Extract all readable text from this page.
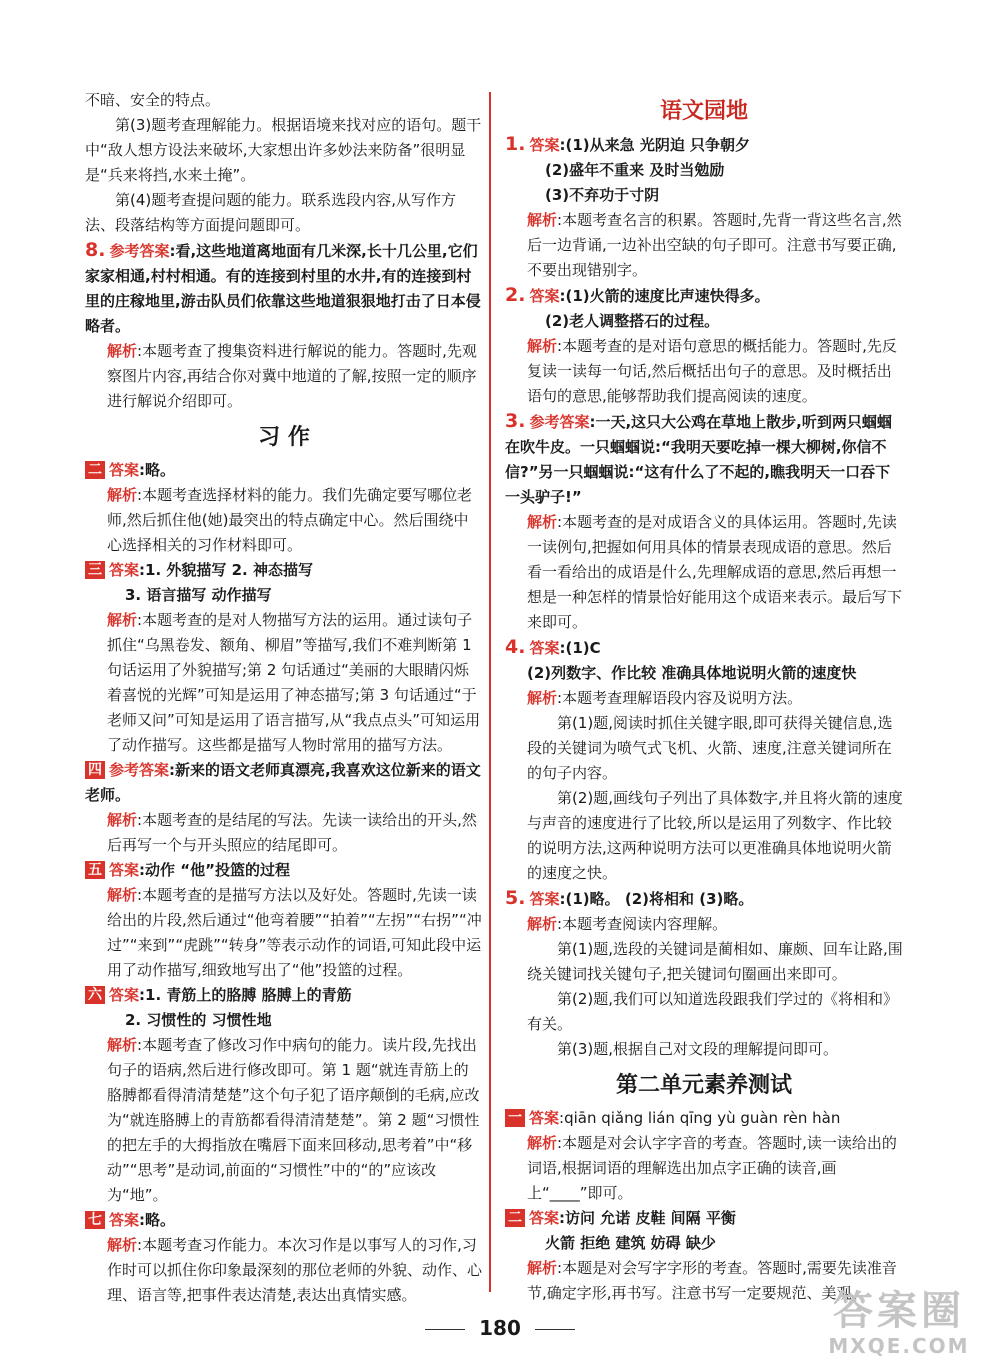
不暗、安全的特点。

第(3)题考查理解能力。根据语境来找对应的语句。题干中“敌人想方设法来破坏,大家想出许多妙法来防备”很明显是“兵来将挡,水来土掩”。

第(4)题考查提问题的能力。联系选段内容,从写作方法、段落结构等方面提问题即可。

8. 参考答案:看,这些地道离地面有几米深,长十几公里,它们家家相通,村村相通。有的连接到村里的水井,有的连接到村里的庄稼地里,游击队员们依靠这些地道狠狠地打击了日本侵略者。

解析:本题考查了搜集资料进行解说的能力。答题时,先观察图片内容,再结合你对冀中地道的了解,按照一定的顺序进行解说介绍即可。

习 作

二 答案:略。

解析:本题考查选择材料的能力。我们先确定要写哪位老师,然后抓住他(她)最突出的特点确定中心。然后围绕中心选择相关的习作材料即可。

三 答案:1. 外貌描写 2. 神态描写

3. 语言描写 动作描写

解析:本题考查的是对人物描写方法的运用。通过读句子抓住“乌黑卷发、额角、柳眉”等描写,我们不难判断第 1 句话运用了外貌描写;第 2 句话通过“美丽的大眼睛闪烁着喜悦的光辉”可知是运用了神态描写;第 3 句话通过“于老师又问”可知是运用了语言描写,从“我点点头”可知运用了动作描写。这些都是描写人物时常用的描写方法。

四 参考答案:新来的语文老师真漂亮,我喜欢这位新来的语文老师。

解析:本题考查的是结尾的写法。先读一读给出的开头,然后再写一个与开头照应的结尾即可。

五 答案:动作 “他”投篮的过程

解析:本题考查的是描写方法以及好处。答题时,先读一读给出的片段,然后通过“他弯着腰”“拍着”“左拐”“右拐”“冲过”“来到”“虎跳”“转身”等表示动作的词语,可知此段中运用了动作描写,细致地写出了“他”投篮的过程。

六 答案:1. 青筋上的胳膊 胳膊上的青筋

2. 习惯性的 习惯性地

解析:本题考查了修改习作中病句的能力。读片段,先找出句子的语病,然后进行修改即可。第 1 题“就连青筋上的胳膊都看得清清楚楚”这个句子犯了语序颠倒的毛病,应改为“就连胳膊上的青筋都看得清清楚楚”。第 2 题“习惯性的把左手的大拇指放在嘴唇下面来回移动,思考着”中“移动”“思考”是动词,前面的“习惯性”中的“的”应该改为“地”。

七 答案:略。

解析:本题考查习作能力。本次习作是以事写人的习作,习作时可以抓住你印象最深刻的那位老师的外貌、动作、心理、语言等,把事件表达清楚,表达出真情实感。

语文园地

1. 答案:(1)从来急 光阴迫 只争朝夕

(2)盛年不重来 及时当勉励

(3)不弃功于寸阴

解析:本题考查名言的积累。答题时,先背一背这些名言,然后一边背诵,一边补出空缺的句子即可。注意书写要正确,不要出现错别字。

2. 答案:(1)火箭的速度比声速快得多。

(2)老人调整搭石的过程。

解析:本题考查的是对语句意思的概括能力。答题时,先反复读一读每一句话,然后概括出句子的意思。及时概括出语句的意思,能够帮助我们提高阅读的速度。

3. 参考答案:一天,这只大公鸡在草地上散步,听到两只蝈蝈在吹牛皮。一只蝈蝈说:“我明天要吃掉一棵大柳树,你信不信?”另一只蝈蝈说:“这有什么了不起的,瞧我明天一口吞下一头驴子!”

解析:本题考查的是对成语含义的具体运用。答题时,先读一读例句,把握如何用具体的情景表现成语的意思。然后看一看给出的成语是什么,先理解成语的意思,然后再想一想是一种怎样的情景恰好能用这个成语来表示。最后写下来即可。

4. 答案:(1)C

(2)列数字、作比较 准确具体地说明火箭的速度快

解析:本题考查理解语段内容及说明方法。

第(1)题,阅读时抓住关键字眼,即可获得关键信息,选段的关键词为喷气式飞机、火箭、速度,注意关键词所在的句子内容。

第(2)题,画线句子列出了具体数字,并且将火箭的速度与声音的速度进行了比较,所以是运用了列数字、作比较的说明方法,这两种说明方法可以更准确具体地说明火箭的速度之快。

5. 答案:(1)略。 (2)将相和 (3)略。

解析:本题考查阅读内容理解。

第(1)题,选段的关键词是蔺相如、廉颇、回车让路,围绕关键词找关键句子,把关键词句圈画出来即可。

第(2)题,我们可以知道选段跟我们学过的《将相和》有关。

第(3)题,根据自己对文段的理解提问即可。

第二单元素养测试

一 答案:qiān qiǎng lián qīng yù guàn rèn hàn

解析:本题是对会认字字音的考查。答题时,读一读给出的词语,根据词语的理解选出加点字正确的读音,画上“____”即可。

二 答案:访问 允诺 皮鞋 间隔 平衡

火箭 拒绝 建筑 妨碍 缺少

解析:本题是对会写字字形的考查。答题时,需要先读准音节,确定字形,再书写。注意书写一定要规范、美观。

180	答案圈
MXQE.COM
